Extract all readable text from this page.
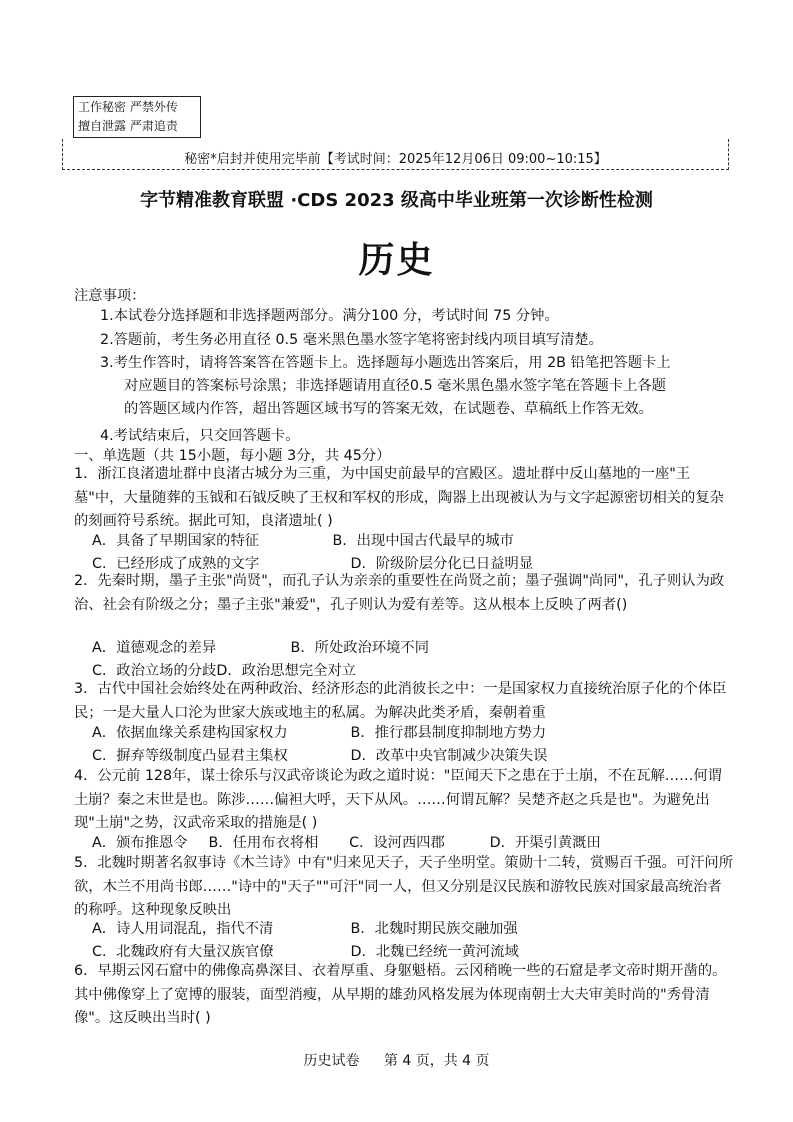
工作秘密 严禁外传
擅自泄露 严肃追责
秘密*启封并使用完毕前【考试时间：2025年12月06日 09:00~10:15】
字节精准教育联盟 ·CDS 2023 级高中毕业班第一次诊断性检测
历史
注意事项：
1.本试卷分选择题和非选择题两部分。满分100 分，考试时间 75 分钟。
2.答题前，考生务必用直径 0.5 毫米黑色墨水签字笔将密封线内项目填写清楚。
3.考生作答时，请将答案答在答题卡上。选择题每小题选出答案后，用 2B 铅笔把答题卡上
对应题目的答案标号涂黑；非选择题请用直径0.5 毫米黑色墨水签字笔在答题卡上各题
的答题区域内作答，超出答题区域书写的答案无效，在试题卷、草稿纸上作答无效。
4.考试结束后，只交回答题卡。
一、单选题（共 15小题，每小题 3分，共 45分）
1．浙江良渚遗址群中良渚古城分为三重，为中国史前最早的宫殿区。遗址群中反山墓地的一座"王墓"中，大量随葬的玉钺和石钺反映了王权和军权的形成，陶器上出现被认为与文字起源密切相关的复杂的刻画符号系统。据此可知，良渚遗址( )
A．具备了早期国家的特征	B．出现中国古代最早的城市
C．已经形成了成熟的文字	D．阶级阶层分化已日益明显
2．先秦时期，墨子主张"尚贤"，而孔子认为亲亲的重要性在尚贤之前；墨子强调"尚同"，孔子则认为政治、社会有阶级之分；墨子主张"兼爱"，孔子则认为爱有差等。这从根本上反映了两者()
A．道德观念的差异	B．所处政治环境不同
C．政治立场的分歧D．政治思想完全对立
3．古代中国社会始终处在两种政治、经济形态的此消彼长之中：一是国家权力直接统治原子化的个体臣民；一是大量人口沦为世家大族或地主的私属。为解决此类矛盾，秦朝着重
A．依据血缘关系建构国家权力	B．推行郡县制度抑制地方势力
C．摒弃等级制度凸显君主集权	D．改革中央官制减少决策失误
4．公元前 128年，谋士徐乐与汉武帝谈论为政之道时说："臣闻天下之患在于土崩，不在瓦解……何谓土崩？秦之末世是也。陈涉……偏袒大呼，天下从风。……何谓瓦解？吴楚齐赵之兵是也"。为避免出现"土崩"之势，汉武帝采取的措施是( )
A．颁布推恩令 B．任用布衣将相 C．设河西四郡	D．开渠引黄溉田
5．北魏时期著名叙事诗《木兰诗》中有"归来见天子，天子坐明堂。策勋十二转，赏赐百千强。可汗问所欲，木兰不用尚书郎……"诗中的"天子""可汗"同一人，但又分别是汉民族和游牧民族对国家最高统治者的称呼。这种现象反映出
A．诗人用词混乱，指代不清	B．北魏时期民族交融加强
C．北魏政府有大量汉族官僚	D．北魏已经统一黄河流域
6．早期云冈石窟中的佛像高鼻深目、衣着厚重、身躯魁梧。云冈稍晚一些的石窟是孝文帝时期开凿的。其中佛像穿上了宽博的服装，面型消瘦，从早期的雄劲风格发展为体现南朝士大夫审美时尚的"秀骨清像"。这反映出当时( )
历史试卷 第 4 页，共 4 页
